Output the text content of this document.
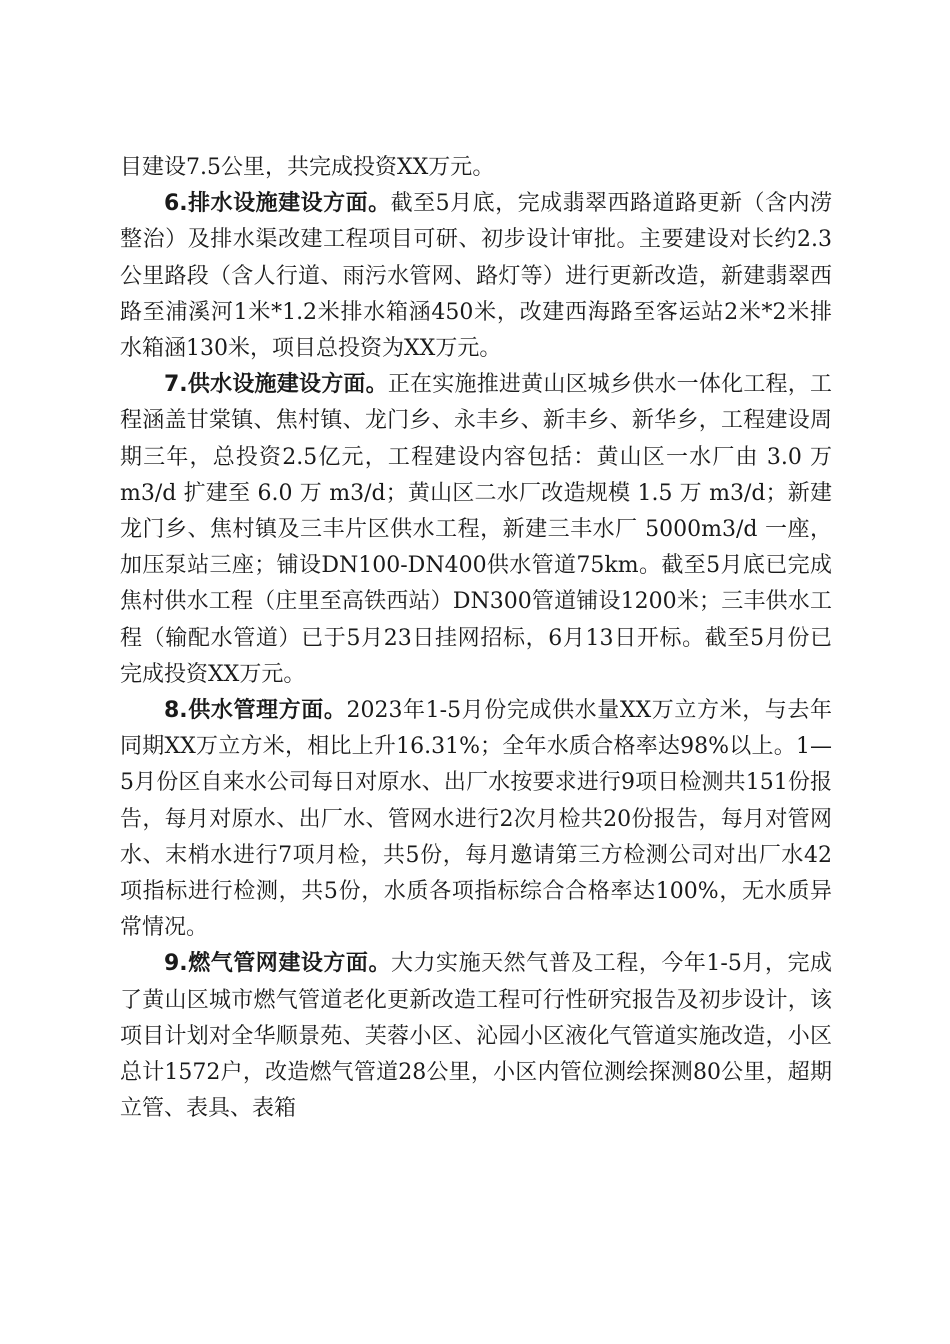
目建设7.5公里，共完成投资XX万元。

6.排水设施建设方面。截至5月底，完成翡翠西路道路更新（含内涝整治）及排水渠改建工程项目可研、初步设计审批。主要建设对长约2.3公里路段（含人行道、雨污水管网、路灯等）进行更新改造，新建翡翠西路至浦溪河1米*1.2米排水箱涵450米，改建西海路至客运站2米*2米排水箱涵130米，项目总投资为XX万元。

7.供水设施建设方面。正在实施推进黄山区城乡供水一体化工程，工程涵盖甘棠镇、焦村镇、龙门乡、永丰乡、新丰乡、新华乡，工程建设周期三年，总投资2.5亿元，工程建设内容包括：黄山区一水厂由 3.0 万 m3/d 扩建至 6.0 万 m3/d；黄山区二水厂改造规模 1.5 万 m3/d；新建龙门乡、焦村镇及三丰片区供水工程，新建三丰水厂 5000m3/d 一座，加压泵站三座；铺设DN100-DN400供水管道75km。截至5月底已完成焦村供水工程（庄里至高铁西站）DN300管道铺设1200米；三丰供水工程（输配水管道）已于5月23日挂网招标，6月13日开标。截至5月份已完成投资XX万元。

8.供水管理方面。2023年1-5月份完成供水量XX万立方米，与去年同期XX万立方米，相比上升16.31%；全年水质合格率达98%以上。1—5月份区自来水公司每日对原水、出厂水按要求进行9项日检测共151份报告，每月对原水、出厂水、管网水进行2次月检共20份报告，每月对管网水、末梢水进行7项月检，共5份，每月邀请第三方检测公司对出厂水42项指标进行检测，共5份，水质各项指标综合合格率达100%，无水质异常情况。

9.燃气管网建设方面。大力实施天然气普及工程，今年1-5月，完成了黄山区城市燃气管道老化更新改造工程可行性研究报告及初步设计，该项目计划对全华顺景苑、芙蓉小区、沁园小区液化气管道实施改造，小区总计1572户，改造燃气管道28公里，小区内管位测绘探测80公里，超期立管、表具、表箱
